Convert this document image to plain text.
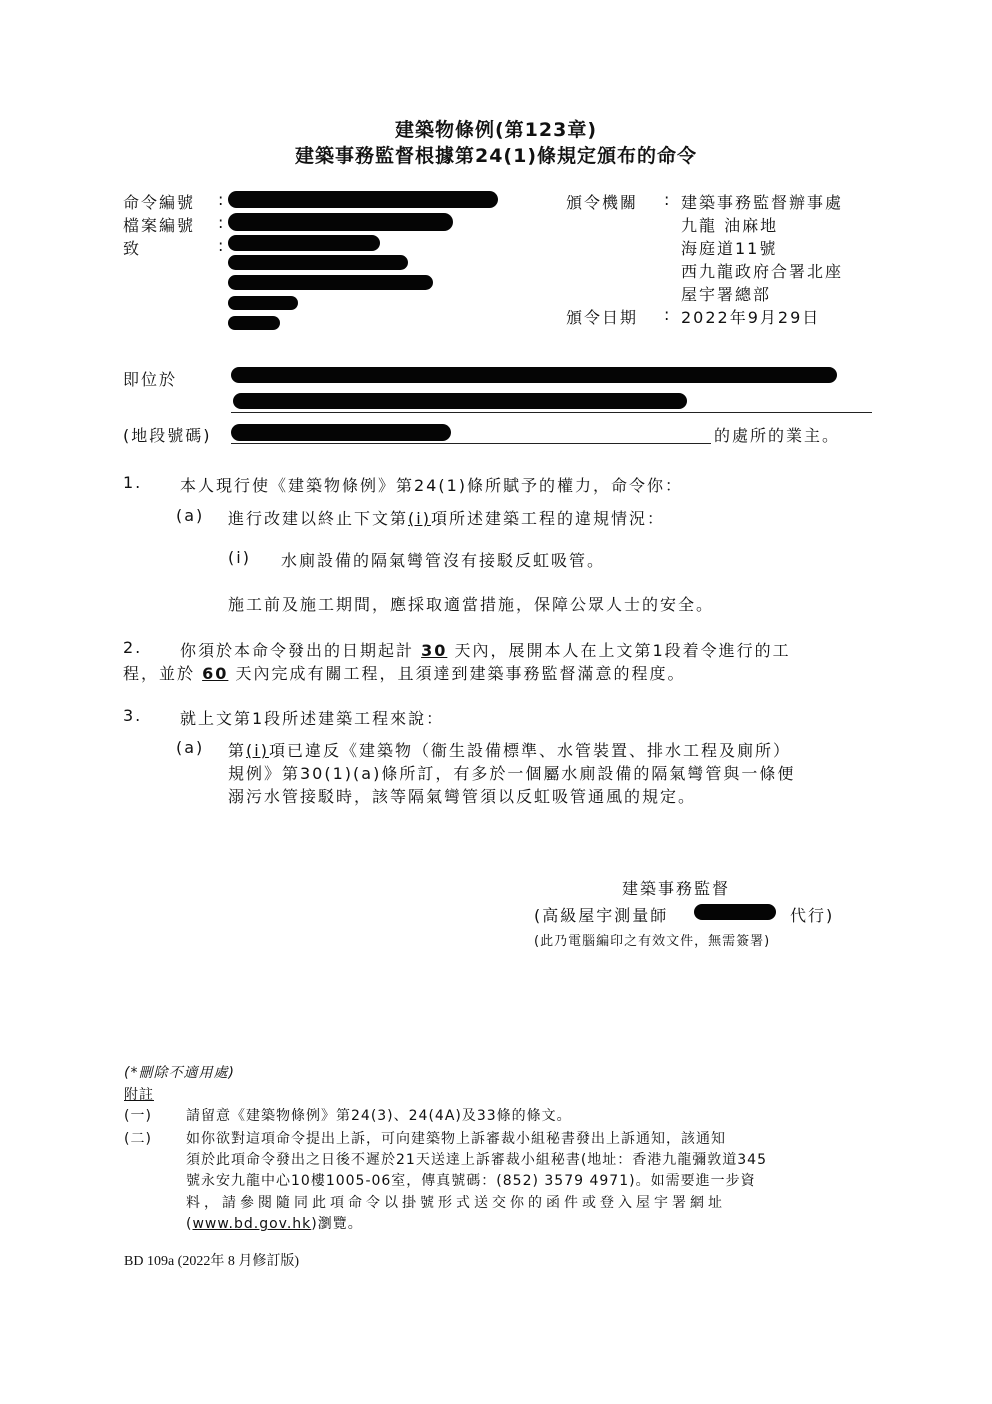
建築物條例(第123章)
建築事務監督根據第24(1)條規定頒布的命令
命令編號 :
檔案編號 :
致	:
頒令機關 : 建築事務監督辦事處
九龍 油麻地
海庭道11號
西九龍政府合署北座
屋宇署總部
頒令日期 : 2022年9月29日
即位於
(地段號碼)	的處所的業主。
1. 本人現行使《建築物條例》第24(1)條所賦予的權力，命令你：
(a) 進行改建以終止下文第(i)項所述建築工程的違規情況：
(i) 水廁設備的隔氣彎管沒有接駁反虹吸管。
施工前及施工期間，應採取適當措施，保障公眾人士的安全。
2. 你須於本命令發出的日期起計 30 天內，展開本人在上文第1段着令進行的工
程，並於 60 天內完成有關工程，且須達到建築事務監督滿意的程度。
3. 就上文第1段所述建築工程來說：
(a) 第(i)項已違反《建築物（衞生設備標準、水管裝置、排水工程及廁所）
規例》第30(1)(a)條所訂，有多於一個屬水廁設備的隔氣彎管與一條便
溺污水管接駁時，該等隔氣彎管須以反虹吸管通風的規定。
建築事務監督
(高級屋宇測量師	代行)
(此乃電腦編印之有效文件，無需簽署)
(*刪除不適用處)
附註
(一) 請留意《建築物條例》第24(3)、24(4A)及33條的條文。
(二) 如你欲對這項命令提出上訴，可向建築物上訴審裁小組秘書發出上訴通知，該通知
須於此項命令發出之日後不遲於21天送達上訴審裁小組秘書(地址：香港九龍彌敦道345
號永安九龍中心10樓1005-06室，傳真號碼：(852) 3579 4971)。如需要進一步資
料，請參閱隨同此項命令以掛號形式送交你的函件或登入屋宇署網址
(www.bd.gov.hk)瀏覽。
BD 109a (2022年 8 月修訂版)
